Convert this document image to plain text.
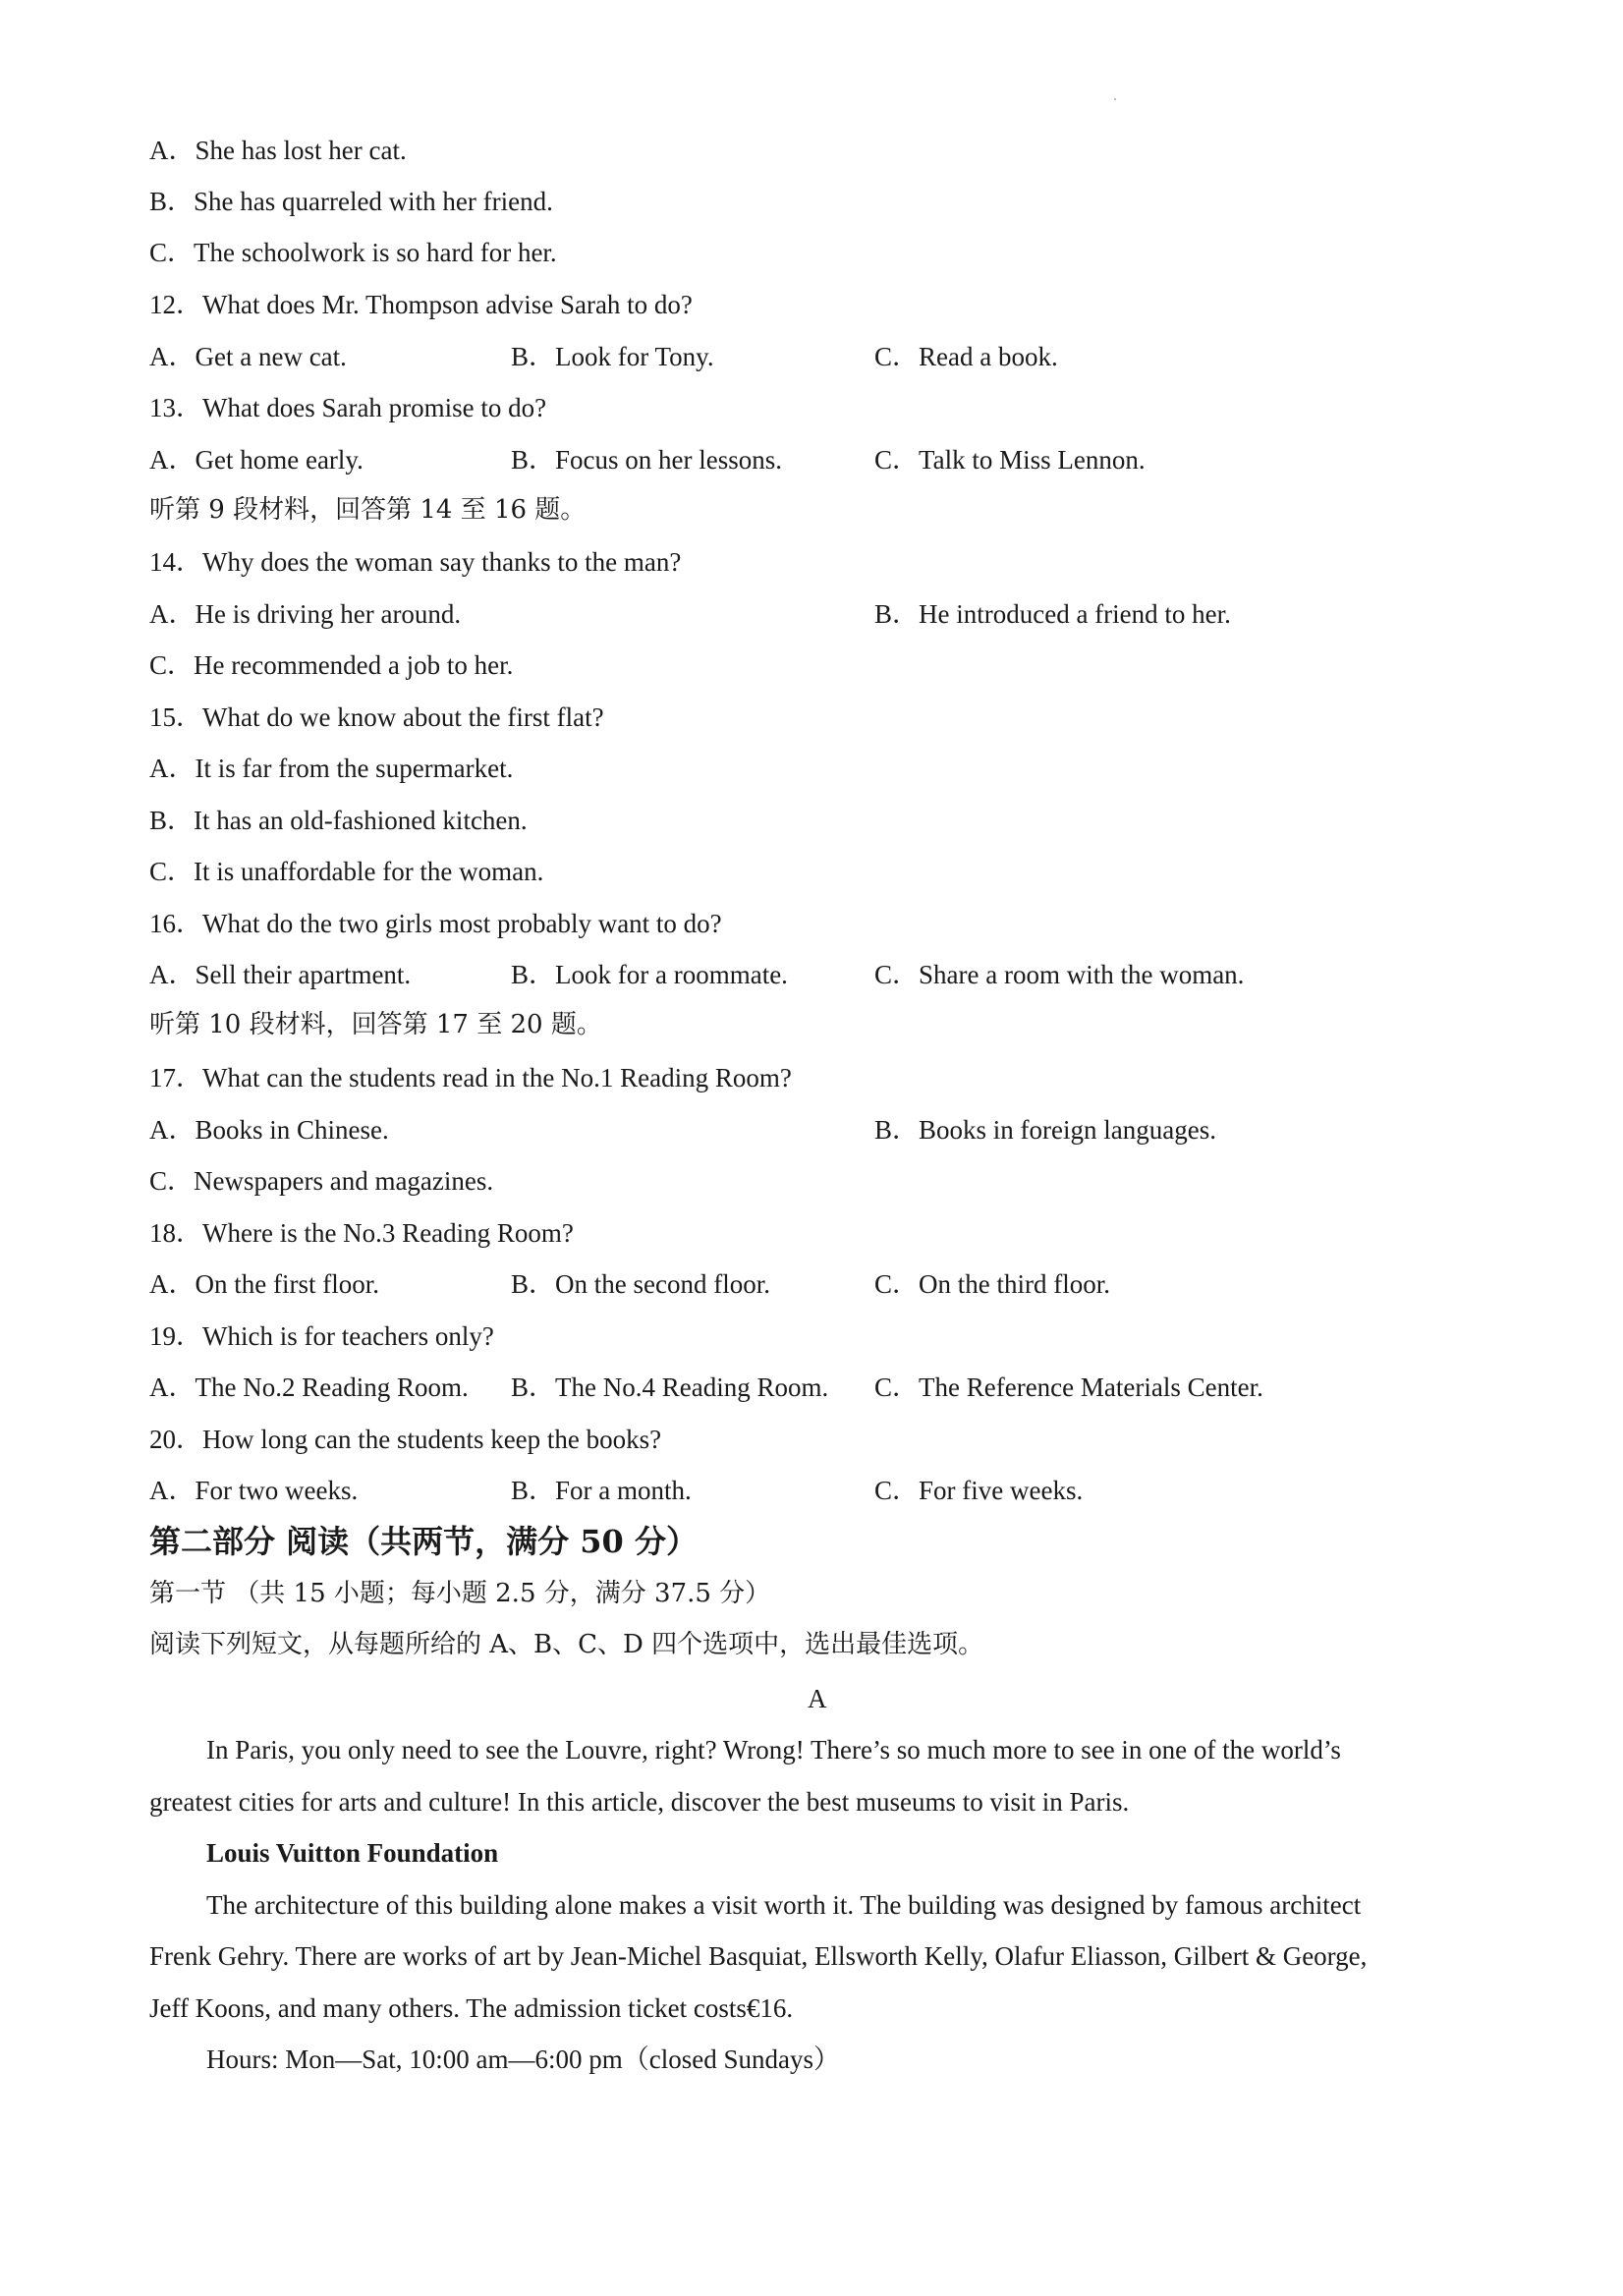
A．She has lost her cat.
B．She has quarreled with her friend.
C．The schoolwork is so hard for her.
12．What does Mr. Thompson advise Sarah to do?
A．Get a new cat.	B．Look for Tony.	C．Read a book.
13．What does Sarah promise to do?
A．Get home early.	B．Focus on her lessons.	C．Talk to Miss Lennon.
听第 9 段材料，回答第 14 至 16 题。
14．Why does the woman say thanks to the man?
A．He is driving her around.	B．He introduced a friend to her.
C．He recommended a job to her.
15．What do we know about the first flat?
A．It is far from the supermarket.
B．It has an old-fashioned kitchen.
C．It is unaffordable for the woman.
16．What do the two girls most probably want to do?
A．Sell their apartment.	B．Look for a roommate.	C．Share a room with the woman.
听第 10 段材料，回答第 17 至 20 题。
17．What can the students read in the No.1 Reading Room?
A．Books in Chinese.	B．Books in foreign languages.
C．Newspapers and magazines.
18．Where is the No.3 Reading Room?
A．On the first floor.	B．On the second floor.	C．On the third floor.
19．Which is for teachers only?
A．The No.2 Reading Room. B．The No.4 Reading Room. C．The Reference Materials Center.
20．How long can the students keep the books?
A．For two weeks.	B．For a month.	C．For five weeks.
第二部分 阅读（共两节，满分 50 分）
第一节 （共 15 小题；每小题 2.5 分，满分 37.5 分）
阅读下列短文，从每题所给的 A、B、C、D 四个选项中，选出最佳选项。
A
In Paris, you only need to see the Louvre, right? Wrong! There’s so much more to see in one of the world’s
greatest cities for arts and culture! In this article, discover the best museums to visit in Paris.
Louis Vuitton Foundation
The architecture of this building alone makes a visit worth it. The building was designed by famous architect
Frenk Gehry. There are works of art by Jean-Michel Basquiat, Ellsworth Kelly, Olafur Eliasson, Gilbert & George,
Jeff Koons, and many others. The admission ticket costs€16.
Hours: Mon—Sat, 10:00 am—6:00 pm（closed Sundays）
